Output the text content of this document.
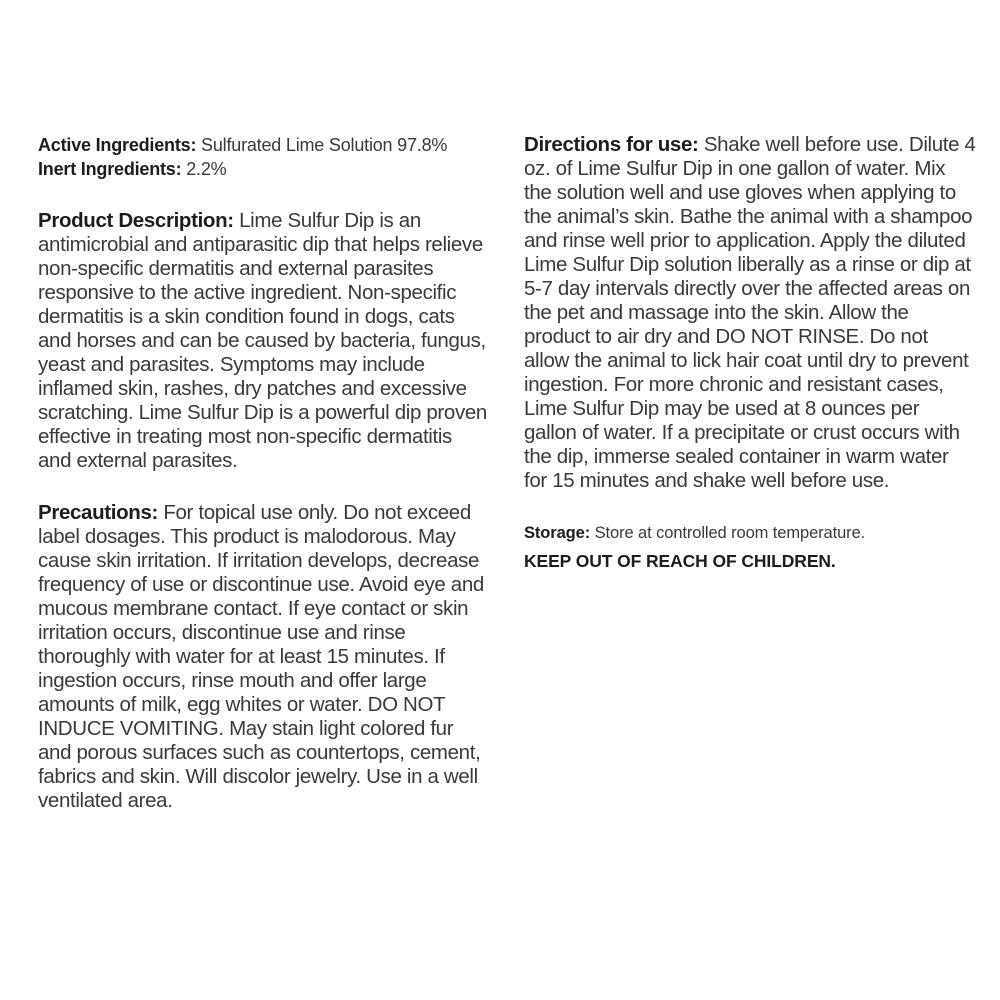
Active Ingredients: Sulfurated Lime Solution 97.8%
Inert Ingredients: 2.2%

Product Description: Lime Sulfur Dip is an antimicrobial and antiparasitic dip that helps relieve non-specific dermatitis and external parasites responsive to the active ingredient. Non-specific dermatitis is a skin condition found in dogs, cats and horses and can be caused by bacteria, fungus, yeast and parasites. Symptoms may include inflamed skin, rashes, dry patches and excessive scratching. Lime Sulfur Dip is a powerful dip proven effective in treating most non-specific dermatitis and external parasites.

Precautions: For topical use only. Do not exceed label dosages. This product is malodorous. May cause skin irritation. If irritation develops, decrease frequency of use or discontinue use. Avoid eye and mucous membrane contact. If eye contact or skin irritation occurs, discontinue use and rinse thoroughly with water for at least 15 minutes. If ingestion occurs, rinse mouth and offer large amounts of milk, egg whites or water. DO NOT INDUCE VOMITING. May stain light colored fur and porous surfaces such as countertops, cement, fabrics and skin. Will discolor jewelry. Use in a well ventilated area.

Directions for use: Shake well before use. Dilute 4 oz. of Lime Sulfur Dip in one gallon of water. Mix the solution well and use gloves when applying to the animal’s skin. Bathe the animal with a shampoo and rinse well prior to application. Apply the diluted Lime Sulfur Dip solution liberally as a rinse or dip at 5-7 day intervals directly over the affected areas on the pet and massage into the skin. Allow the product to air dry and DO NOT RINSE. Do not allow the animal to lick hair coat until dry to prevent ingestion. For more chronic and resistant cases, Lime Sulfur Dip may be used at 8 ounces per gallon of water. If a precipitate or crust occurs with the dip, immerse sealed container in warm water for 15 minutes and shake well before use.

Storage: Store at controlled room temperature.
KEEP OUT OF REACH OF CHILDREN.
